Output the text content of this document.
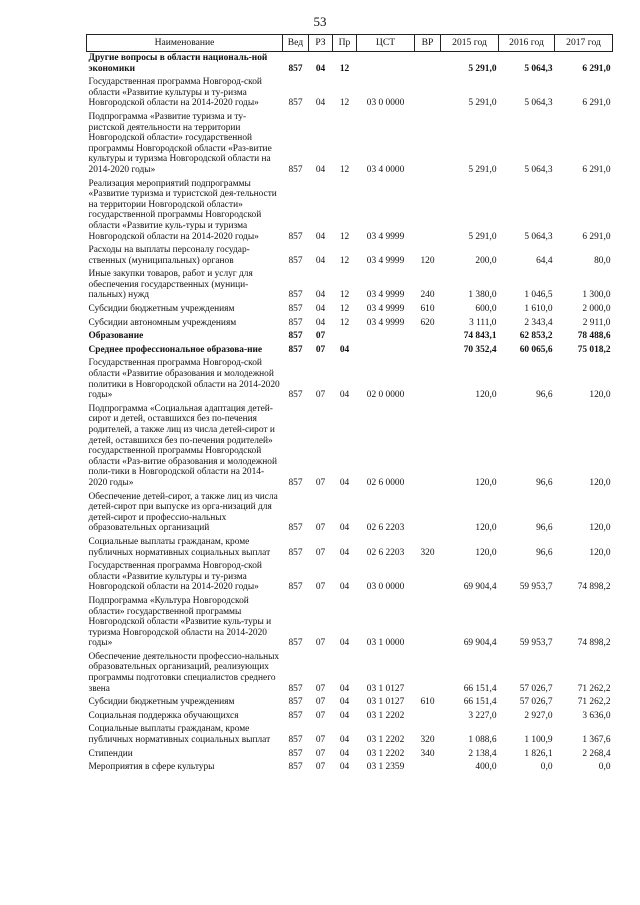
53
Наименование	Вед	РЗ	Пр	ЦСТ	ВР	2015 год	2016 год	2017 год
Другие вопросы в области националь-ной экономики	857	04	12			5 291,0	5 064,3	6 291,0
Государственная программа Новгород-ской области «Развитие культуры и ту-ризма Новгородской области на 2014-2020 годы»	857	04	12	03 0 0000		5 291,0	5 064,3	6 291,0
Подпрограмма «Развитие туризма и ту-ристской деятельности на территории Новгородской области» государственной программы Новгородской области «Раз-витие культуры и туризма Новгородской области на 2014-2020 годы»	857	04	12	03 4 0000		5 291,0	5 064,3	6 291,0
Реализация мероприятий подпрограммы «Развитие туризма и туристской дея-тельности на территории Новгородской области» государственной программы Новгородской области «Развитие куль-туры и туризма Новгородской области на 2014-2020 годы»	857	04	12	03 4 9999		5 291,0	5 064,3	6 291,0
Расходы на выплаты персоналу государ-ственных (муниципальных) органов	857	04	12	03 4 9999	120	200,0	64,4	80,0
Иные закупки товаров, работ и услуг для обеспечения государственных (муници-пальных) нужд	857	04	12	03 4 9999	240	1 380,0	1 046,5	1 300,0
Субсидии бюджетным учреждениям	857	04	12	03 4 9999	610	600,0	1 610,0	2 000,0
Субсидии автономным учреждениям	857	04	12	03 4 9999	620	3 111,0	2 343,4	2 911,0
Образование	857	07				74 843,1	62 853,2	78 488,6
Среднее профессиональное образова-ние	857	07	04			70 352,4	60 065,6	75 018,2
Государственная программа Новгород-ской области «Развитие образования и молодежной политики в Новгородской области на 2014-2020 годы»	857	07	04	02 0 0000		120,0	96,6	120,0
Подпрограмма «Социальная адаптация детей-сирот и детей, оставшихся без по-печения родителей, а также лиц из числа детей-сирот и детей, оставшихся без по-печения родителей» государственной программы Новгородской области «Раз-витие образования и молодежной поли-тики в Новгородской области на 2014-2020 годы»	857	07	04	02 6 0000		120,0	96,6	120,0
Обеспечение детей-сирот, а также лиц из числа детей-сирот при выпуске из орга-низаций для детей-сирот и профессио-нальных образовательных организаций	857	07	04	02 6 2203		120,0	96,6	120,0
Социальные выплаты гражданам, кроме публичных нормативных социальных выплат	857	07	04	02 6 2203	320	120,0	96,6	120,0
Государственная программа Новгород-ской области «Развитие культуры и ту-ризма Новгородской области на 2014-2020 годы»	857	07	04	03 0 0000		69 904,4	59 953,7	74 898,2
Подпрограмма «Культура Новгородской области» государственной программы Новгородской области «Развитие куль-туры и туризма Новгородской области на 2014-2020 годы»	857	07	04	03 1 0000		69 904,4	59 953,7	74 898,2
Обеспечение деятельности профессио-нальных образовательных организаций, реализующих программы подготовки специалистов среднего звена	857	07	04	03 1 0127		66 151,4	57 026,7	71 262,2
Субсидии бюджетным учреждениям	857	07	04	03 1 0127	610	66 151,4	57 026,7	71 262,2
Социальная поддержка обучающихся	857	07	04	03 1 2202		3 227,0	2 927,0	3 636,0
Социальные выплаты гражданам, кроме публичных нормативных социальных выплат	857	07	04	03 1 2202	320	1 088,6	1 100,9	1 367,6
Стипендии	857	07	04	03 1 2202	340	2 138,4	1 826,1	2 268,4
Мероприятия в сфере культуры	857	07	04	03 1 2359		400,0	0,0	0,0
